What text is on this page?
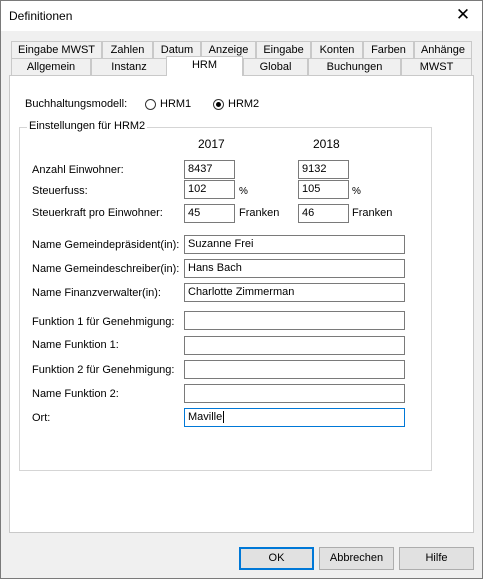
Definitionen	✕
Eingabe MWST	Zahlen	Datum	Anzeige	Eingabe	Konten	Farben	Anhänge
Allgemein	Instanz	HRM	Global	Buchungen	MWST
Buchhaltungsmodell:	HRM1	HRM2
Einstellungen für HRM2
2017	2018
Anzahl Einwohner:	8437	9132
Steuerfuss:	102	%	105	%
Steuerkraft pro Einwohner:	45	Franken	46	Franken
Name Gemeindepräsident(in): Suzanne Frei
Name Gemeindeschreiber(in): Hans Bach
Name Finanzverwalter(in):	Charlotte Zimmerman
Funktion 1 für Genehmigung:
Name Funktion 1:
Funktion 2 für Genehmigung:
Name Funktion 2:
Ort:	Maville
OK	Abbrechen	Hilfe
